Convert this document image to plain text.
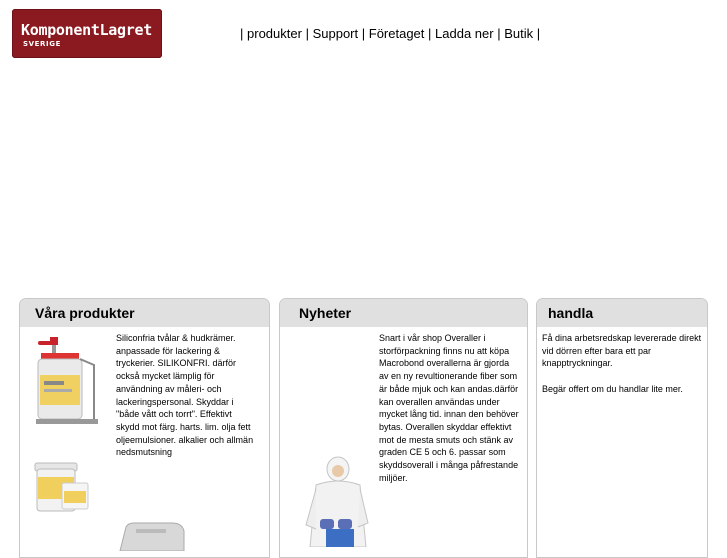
KomponentLagret
SVERIGE
| produkter | Support | Företaget | Ladda ner | Butik |
Våra produkter
Siliconfria tvålar & hudkrämer. anpassade för lackering & tryckerier. SILIKONFRI. därför också mycket lämplig för användning av måleri- och lackeringspersonal. Skyddar i "både vått och torrt". Effektivt skydd mot färg. harts. lim. olja fett oljeemulsioner. alkalier och allmän nedsmutsning
Nyheter
Snart i vår shop Overaller i storförpackning finns nu att köpa Macrobond overallerna är gjorda av en ny revultionerande fiber som är både mjuk och kan andas.därför kan overallen användas under mycket lång tid. innan den behöver bytas. Overallen skyddar effektivt mot de mesta smuts och stänk av graden CE 5 och 6. passar som skyddsoverall i många påfrestande miljöer.
handla
Få dina arbetsredskap levererade direkt vid dörren efter bara ett par knapptryckningar.

Begär offert om du handlar lite mer.
